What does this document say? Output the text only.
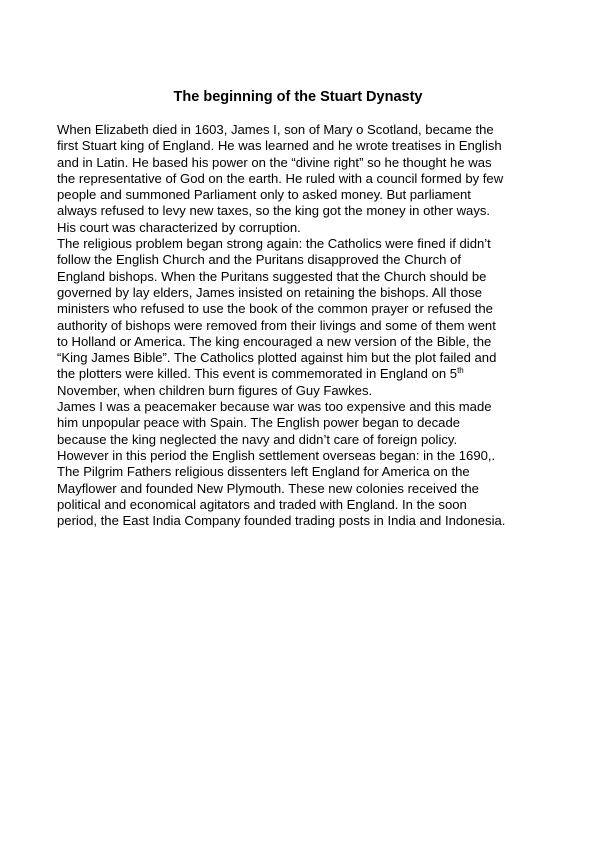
The beginning of the Stuart Dynasty
When Elizabeth died in 1603, James I, son of Mary o Scotland, became the
first Stuart king of England. He was learned and he wrote treatises in English
and in Latin. He based his power on the “divine right” so he thought he was
the representative of God on the earth. He ruled with a council formed by few
people and summoned Parliament only to asked money. But parliament
always refused to levy new taxes, so the king got the money in other ways.
His court was characterized by corruption.
The religious problem began strong again: the Catholics were fined if didn’t
follow the English Church and the Puritans disapproved the Church of
England bishops. When the Puritans suggested that the Church should be
governed by lay elders, James insisted on retaining the bishops. All those
ministers who refused to use the book of the common prayer or refused the
authority of bishops were removed from their livings and some of them went
to Holland or America. The king encouraged a new version of the Bible, the
“King James Bible”. The Catholics plotted against him but the plot failed and
the plotters were killed. This event is commemorated in England on 5th
November, when children burn figures of Guy Fawkes.
James I was a peacemaker because war was too expensive and this made
him unpopular peace with Spain. The English power began to decade
because the king neglected the navy and didn’t care of foreign policy.
However in this period the English settlement overseas began: in the 1690,.
The Pilgrim Fathers religious dissenters left England for America on the
Mayflower and founded New Plymouth. These new colonies received the
political and economical agitators and traded with England. In the soon
period, the East India Company founded trading posts in India and Indonesia.
